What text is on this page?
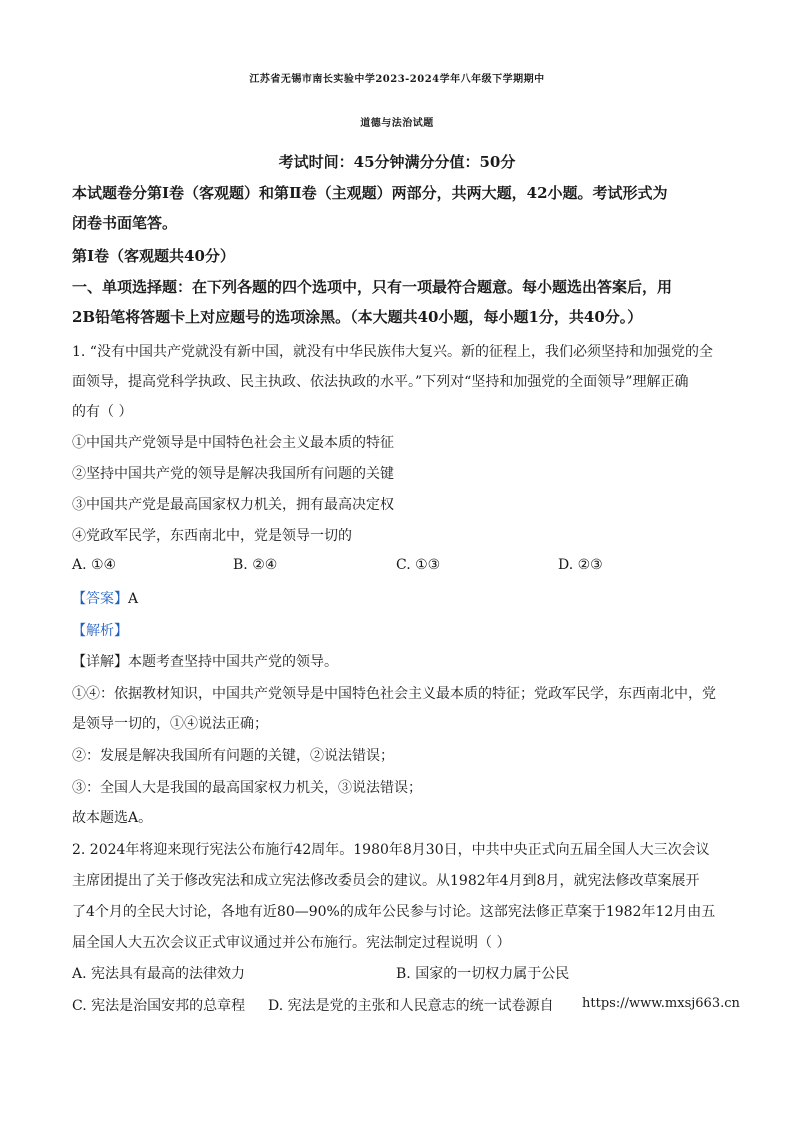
江苏省无锡市南长实验中学2023-2024学年八年级下学期期中
道德与法治试题
考试时间：45分钟满分分值：50分
本试题卷分第Ⅰ卷（客观题）和第Ⅱ卷（主观题）两部分，共两大题，42小题。考试形式为
闭卷书面笔答。
第Ⅰ卷（客观题共40分）
一、单项选择题：在下列各题的四个选项中，只有一项最符合题意。每小题选出答案后，用
2B铅笔将答题卡上对应题号的选项涂黑。（本大题共40小题，每小题1分，共40分。）
1. “没有中国共产党就没有新中国，就没有中华民族伟大复兴。新的征程上，我们必须坚持和加强党的全
面领导，提高党科学执政、民主执政、依法执政的水平。”下列对“坚持和加强党的全面领导”理解正确
的有（ ）
①中国共产党领导是中国特色社会主义最本质的特征
②坚持中国共产党的领导是解决我国所有问题的关键
③中国共产党是最高国家权力机关，拥有最高决定权
④党政军民学，东西南北中，党是领导一切的
A. ①④	B. ②④	C. ①③	D. ②③
【答案】A
【解析】
【详解】本题考查坚持中国共产党的领导。
①④：依据教材知识，中国共产党领导是中国特色社会主义最本质的特征；党政军民学，东西南北中，党
是领导一切的，①④说法正确；
②：发展是解决我国所有问题的关键，②说法错误；
③：全国人大是我国的最高国家权力机关，③说法错误；
故本题选A。
2. 2024年将迎来现行宪法公布施行42周年。1980年8月30日，中共中央正式向五届全国人大三次会议
主席团提出了关于修改宪法和成立宪法修改委员会的建议。从1982年4月到8月，就宪法修改草案展开
了4个月的全民大讨论，各地有近80—90%的成年公民参与讨论。这部宪法修正草案于1982年12月由五
届全国人大五次会议正式审议通过并公布施行。宪法制定过程说明（ ）
A. 宪法具有最高的法律效力	B. 国家的一切权力属于公民
C. 宪法是治国安邦的总章程 D. 宪法是党的主张和人民意志的统一试卷源自 https://www.mxsj663.cn
